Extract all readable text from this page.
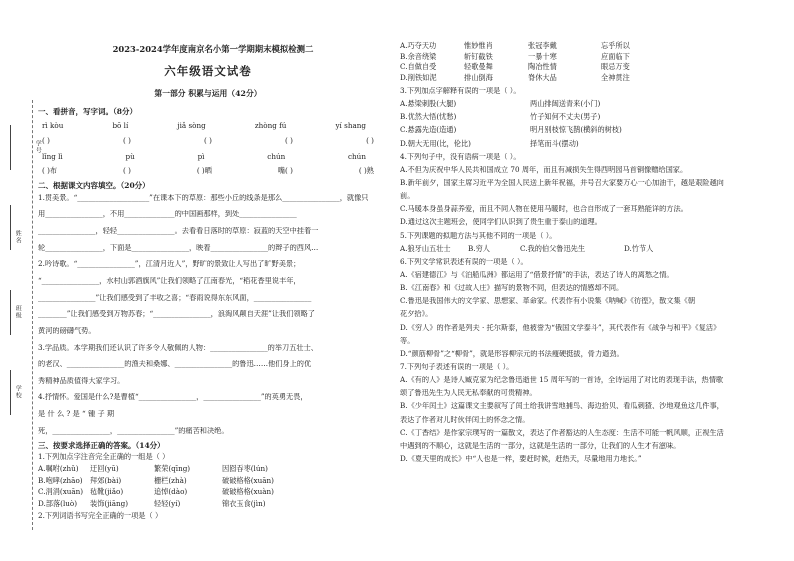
学号
姓名
班级
学校
2023-2024学年度南京名小第一学期期末模拟检测二
六年级语文试卷
第一部分 积累与运用（42分）
一、看拼音，写字词。（8分）
rì kòu	bō lí	jiǎ sòng	zhòng fú	yí shang
( )	( )	( )	( )	( )
lǐng lì	pù	pì	chún	chún
( )布	( )	( )晒	嘴( )	( )熟
二、根据课文内容填空。（20分）
1.贯美景。“____________________”在课本下的草原：那些小丘的线条是那么________________，就像只
用________________，不用______________的中国画那样，到处________________
________________，轻轻________________。去看看日落时的草原：寂蓝的天空中挂着一
轮________________，下面是________________，映着________________的辫子的西风…
2.吟诗歌。“________________”，江清月近人”，野旷的景致让人写出了旷野美景；
“________________，水村山郭酒旗风”让我们领略了江南春光，“稻花香里说丰年，
________________”让我们感受到了丰收之喜；“春雨说得东东风面，________________
________”让我们感受到万物苏春；“________________，浪淘风颠自天涯”让我们领略了
黄河的磅礴气势。
3.学品质。本学期我们还认识了许多令人敬佩的人物：________________的举刀五壮士、
的老汉、________________的渔夫和桑娜、________________的鲁迅……他们身上的优
秀精神品质值得大家学习。
4.抒情怀。爱国是什么?是曹植“________________，________________”的英勇无畏，
是 什 么 ? 是 “ 锺 子 期
死，________________，________________”的痛苦和决绝。
三、按要求选择正确的答案。（14分）
1.下列加点字注音完全正确的一组是（ ）
A.嘱咐(zhǔ)	迂回(yū)	繁荣(qīng)	因囵吞枣(lún)
B.咆哮(zhāo)	拜郊(bài)	栅栏(zhà)	破破格格(xuān)
C.涓涓(xuān) 毡靴(jiǎo)	追悼(dào)	破破格格(xuàn)
D.部落(luò)	装饰(jiāng)	轻轻(yí)	锦衣玉食(jìn)
2.下列词语书写完全正确的一项是（ ）
A.巧夺天功	惟妙惟肖	张冠李戴	忘乎所以
B.余音绕梁	斩钉截铁	一暴十寒	应面临下
C.自做自受	轻歌曼舞	陶冶性情	眼忌万变
D.削铁如泥	排山倒海	脊休大品	全神贯注
3.下列加点字解释有误的一项是（ ）。
A.悬梁刺股(大腿)	两山排闼送青来(小门)
B.优然大悟(忧愁)	竹子知何不丈夫(男子)
C.悬露先造(造通)	明月别枝惊飞鹊(横斜的树枝)
D.朝大无用(比，伦比)	择笔而斗(摆动)
4.下列句子中，没有语病一项是（ ）。
A.不但为庆祝中华人民共和国成立 70 周年，而且有减损失生得西明园马首铜像赠给国家。
B.新年前夕，国家主席习近平为全国人民送上新年祝福，并号召大家要万心一心加油干，越是艰险越向
前。
C.马暖本身虽身蒜养爱，而且不同人物在使用马暖时，也合自形成了一套耳熟能详的方法。
D.通过这次主题班会，使同学们认识到了贵生重于泰山的道理。
5.下列课题的拟题方法与其他不同的一项是（ ）。
A.狼牙山五壮士	B.穷人	C.我的伯父鲁迅先生	D.竹节人
6.下列文学常识表述有误的一项是（ ）。
A.《宿建德江》与《泊船瓜洲》都运用了“借景抒情”的手法，表达了诗人的离愁之情。
B.《江南春》和《过故人庄》描写的景物不同，但表达的情感却不同。
C.鲁迅是我国伟大的文学家、思想家、革命家。代表作有小说集《呐喊》《彷徨》，散文集《朝
花夕拾》。
D.《穷人》的作者是列夫 · 托尔斯泰，他被誉为“俄国文学泰斗”，其代表作有《战争与和平》《复活》
等。
D.“颜筋柳骨”之“柳骨”，就是形容柳宗元的书法瘦硬挺拔，骨力遒劲。
7.下列句子表述有误的一项是（ ）。
A.《有的人》是诗人臧克家为纪念鲁迅逝世 15 周年写的一首诗，全诗运用了对比的表现手法，热情歌
颂了鲁迅先生为人民无私奉献的可贵精神。
B.《少年闰土》这篇课文主要叙写了闰土给我讲雪地捕鸟、海边拾贝、看瓜刺猹、沙地观鱼这几件事，
表达了作者对儿时伙伴闰土的怀念之情。
C.《丁香结》是作家宗璞写的一篇散文，表达了作者豁达的人生态度：生活不可能一帆风顺，正视生活
中遇到的不顺心，这就是生活的一部分，这就是生活的一部分，让我们的人生才有滋味。
D.《夏天里的成长》中“人也是一样，要赶时候，赶热天，尽量地用力地长。”
